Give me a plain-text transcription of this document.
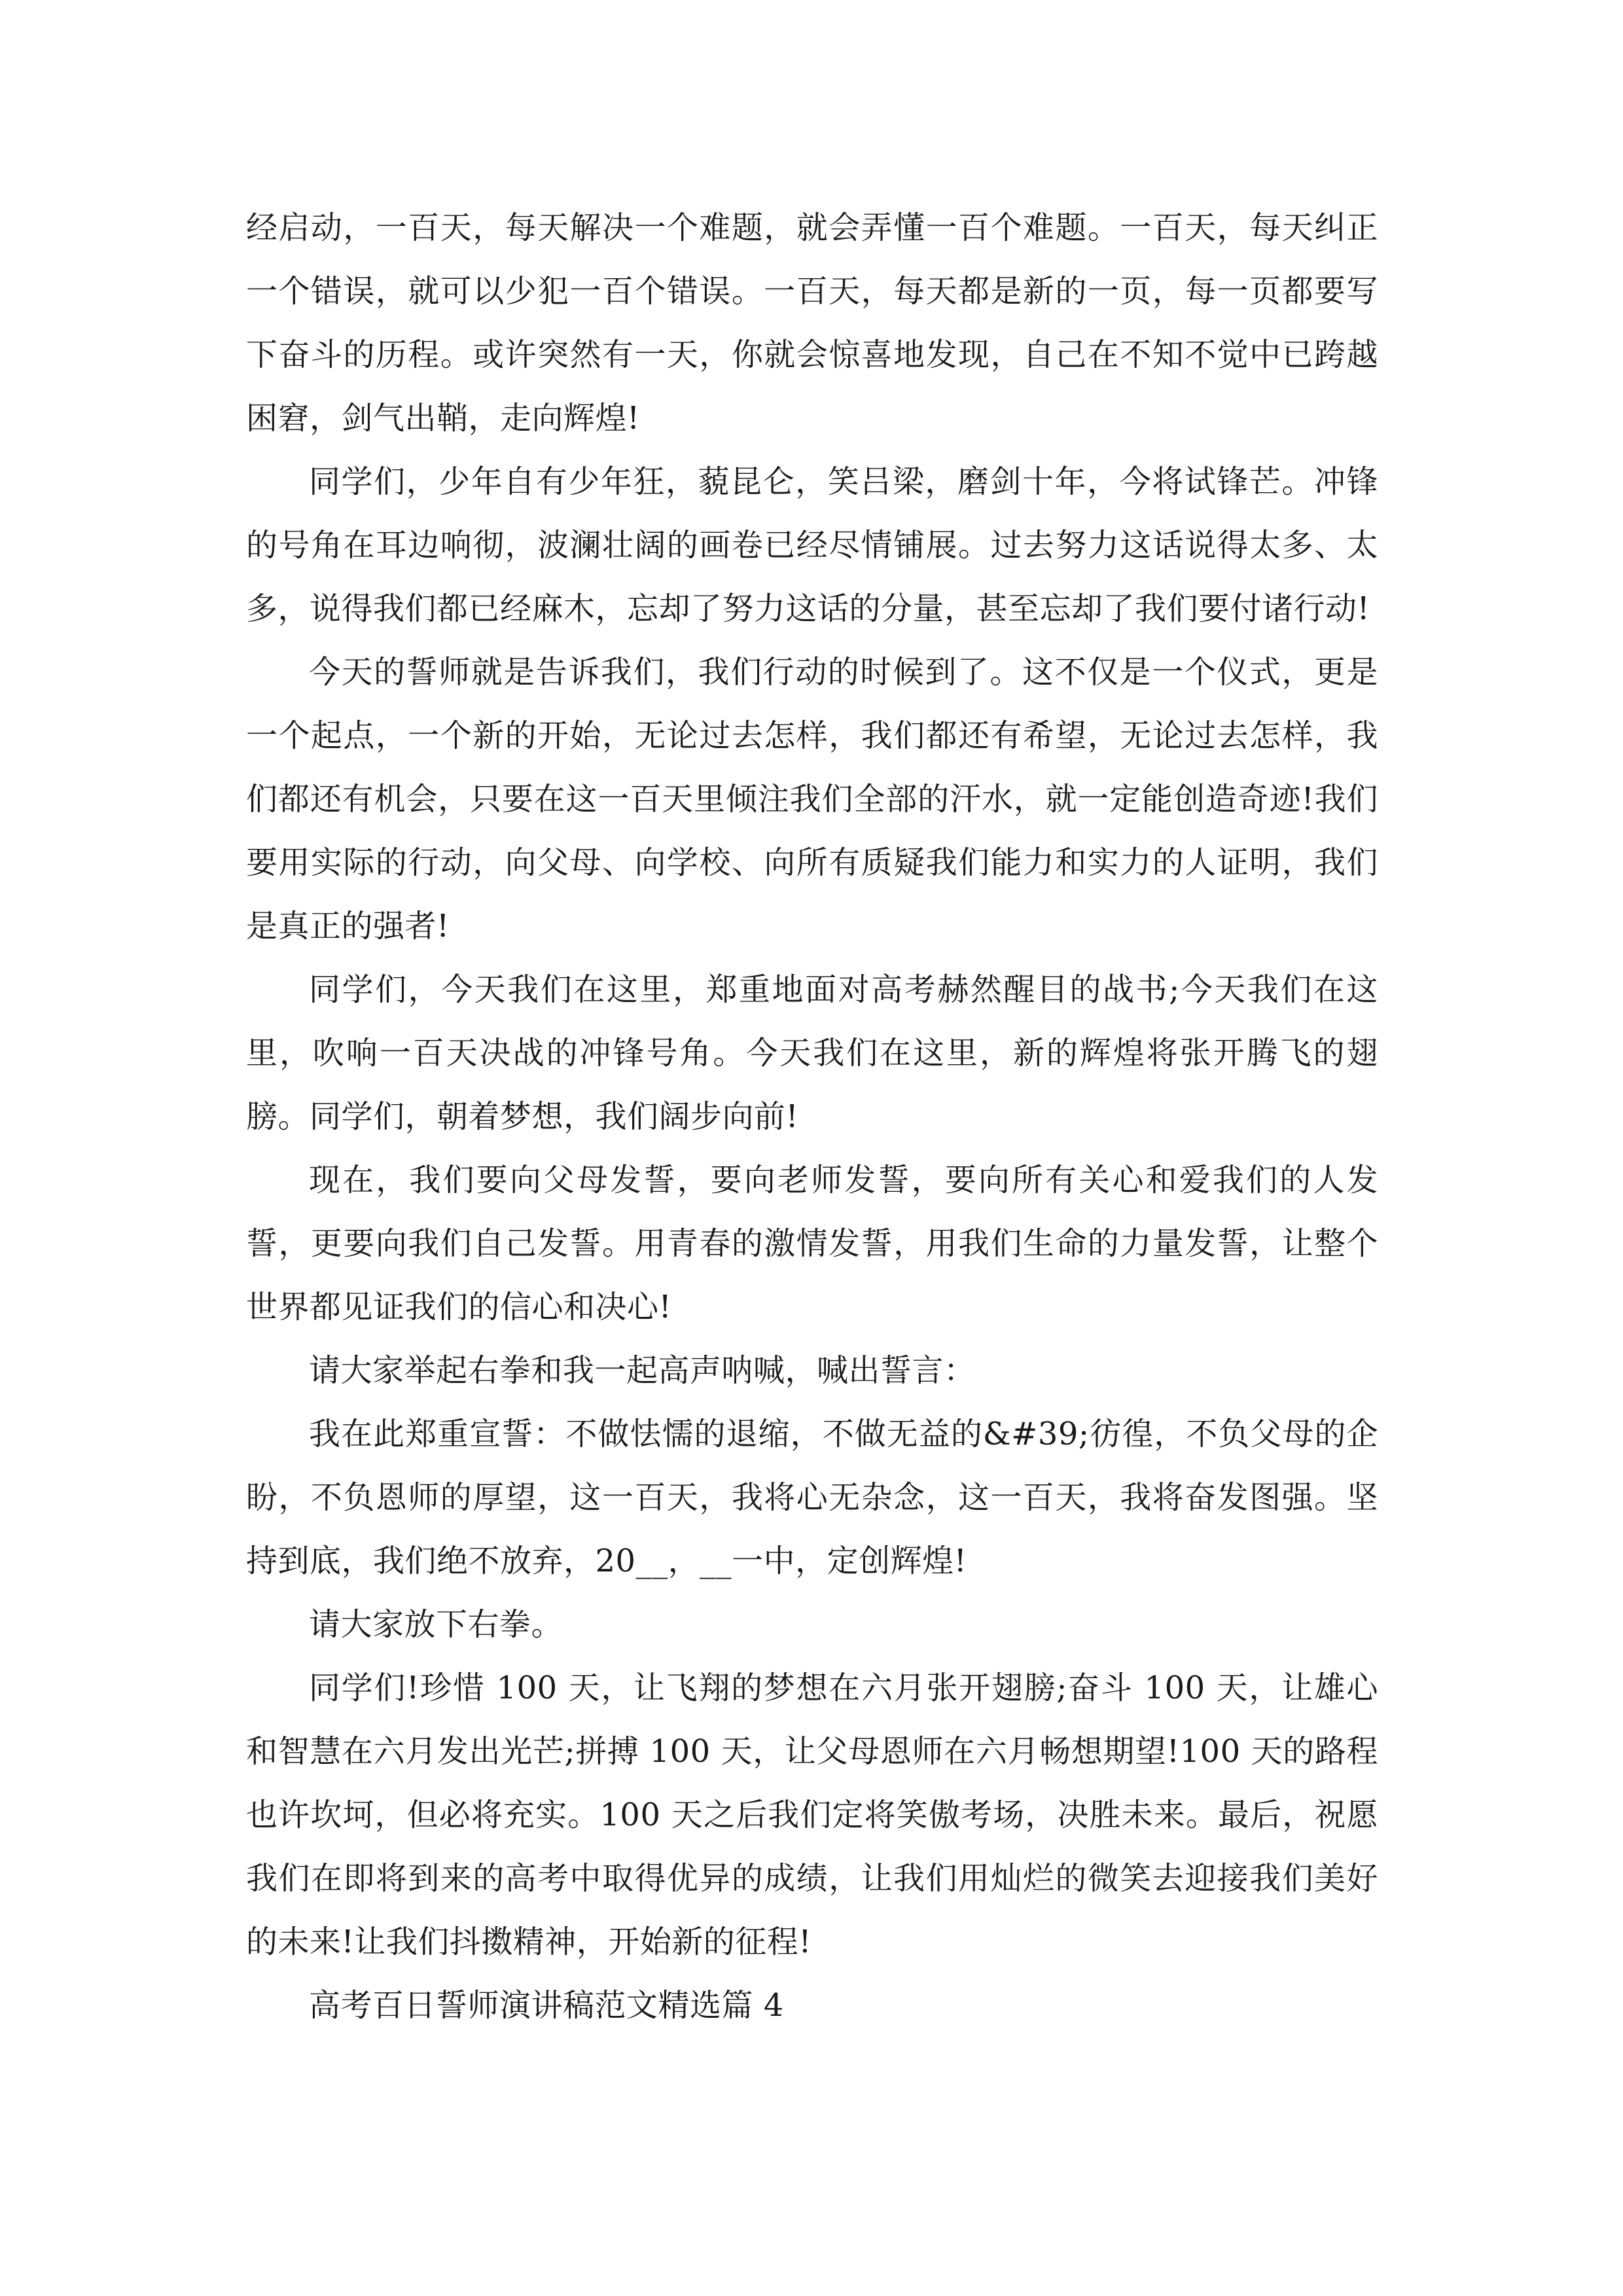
经启动，一百天，每天解决一个难题，就会弄懂一百个难题。一百天，每天纠正一个错误，就可以少犯一百个错误。一百天，每天都是新的一页，每一页都要写下奋斗的历程。或许突然有一天，你就会惊喜地发现，自己在不知不觉中已跨越困窘，剑气出鞘，走向辉煌!

同学们，少年自有少年狂，藐昆仑，笑吕梁，磨剑十年，今将试锋芒。冲锋的号角在耳边响彻，波澜壮阔的画卷已经尽情铺展。过去努力这话说得太多、太多，说得我们都已经麻木，忘却了努力这话的分量，甚至忘却了我们要付诸行动!

今天的誓师就是告诉我们，我们行动的时候到了。这不仅是一个仪式，更是一个起点，一个新的开始，无论过去怎样，我们都还有希望，无论过去怎样，我们都还有机会，只要在这一百天里倾注我们全部的汗水，就一定能创造奇迹!我们要用实际的行动，向父母、向学校、向所有质疑我们能力和实力的人证明，我们是真正的强者!

同学们，今天我们在这里，郑重地面对高考赫然醒目的战书;今天我们在这里，吹响一百天决战的冲锋号角。今天我们在这里，新的辉煌将张开腾飞的翅膀。同学们，朝着梦想，我们阔步向前!

现在，我们要向父母发誓，要向老师发誓，要向所有关心和爱我们的人发誓，更要向我们自己发誓。用青春的激情发誓，用我们生命的力量发誓，让整个世界都见证我们的信心和决心!

请大家举起右拳和我一起高声呐喊，喊出誓言：

我在此郑重宣誓：不做怯懦的退缩，不做无益的&#39;彷徨，不负父母的企盼，不负恩师的厚望，这一百天，我将心无杂念，这一百天，我将奋发图强。坚持到底，我们绝不放弃，20__，__一中，定创辉煌!

请大家放下右拳。

同学们!珍惜 100 天，让飞翔的梦想在六月张开翅膀;奋斗 100 天，让雄心和智慧在六月发出光芒;拼搏 100 天，让父母恩师在六月畅想期望!100 天的路程也许坎坷，但必将充实。100 天之后我们定将笑傲考场，决胜未来。最后，祝愿我们在即将到来的高考中取得优异的成绩，让我们用灿烂的微笑去迎接我们美好的未来!让我们抖擞精神，开始新的征程!

高考百日誓师演讲稿范文精选篇 4
